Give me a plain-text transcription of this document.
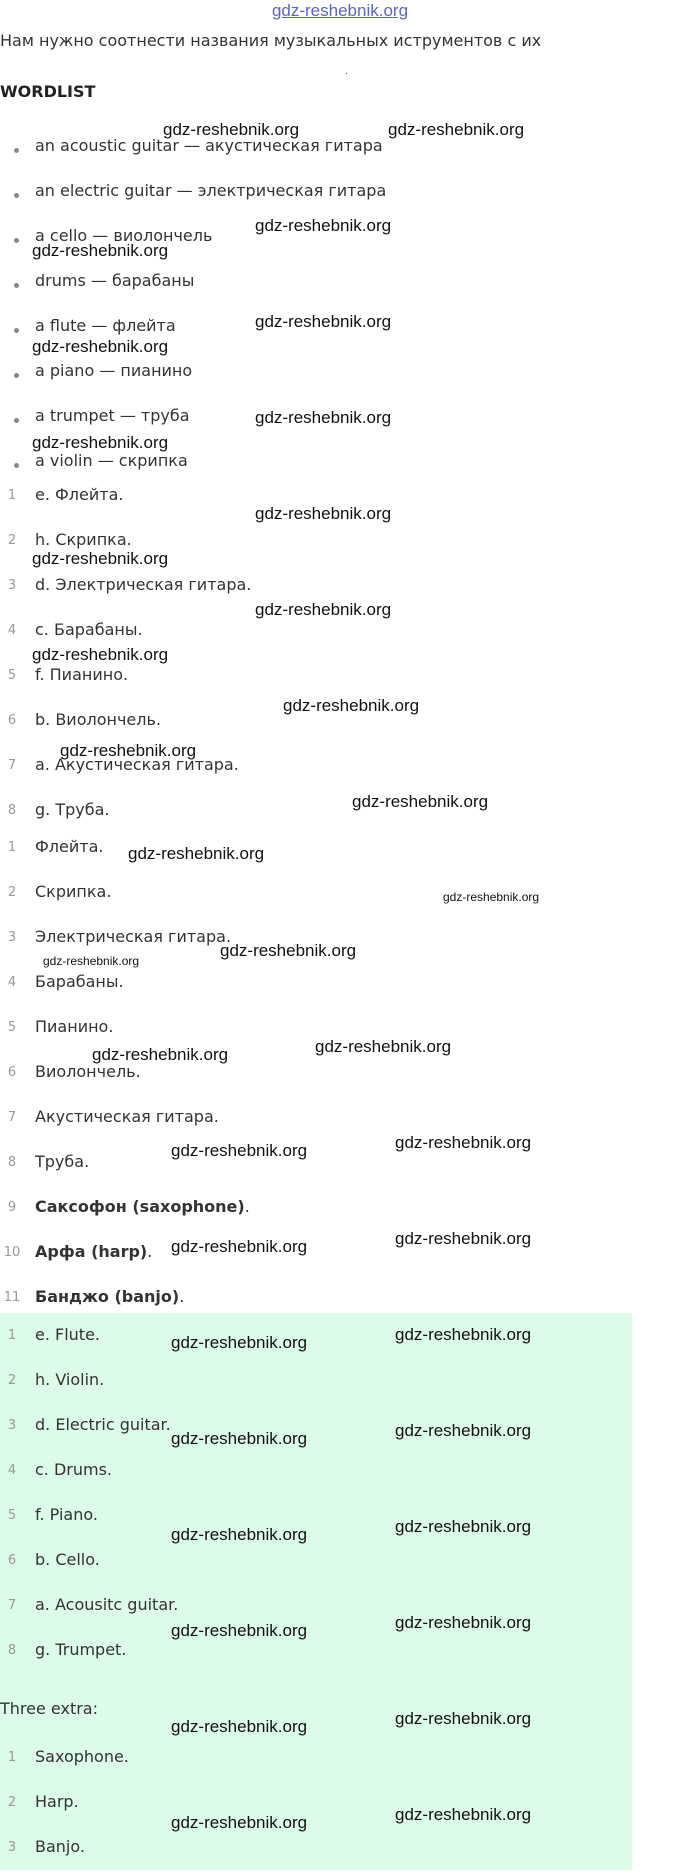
gdz-reshebnik.org
Нам нужно соотнести названия музыкальных иструментов с их
.
WORDLIST
an acoustic guitar — акустическая гитара
an electric guitar — электрическая гитара
a cello — виолончель
drums — барабаны
a flute — флейта
a piano — пианино
a trumpet — труба
a violin — скрипка
1	e. Флейта.
2	h. Скрипка.
3	d. Электрическая гитара.
4	c. Барабаны.
5	f. Пианино.
6	b. Виолончель.
7	a. Акустическая гитара.
8	g. Труба.
1	Флейта.
2	Скрипка.
3	Электрическая гитара.
4	Барабаны.
5	Пианино.
6	Виолончель.
7	Акустическая гитара.
8	Труба.
9	Саксофон (saxophone).
10 Арфа (harp).
11 Банджо (banjo).
1	e. Flute.
2	h. Violin.
3	d. Electric guitar.
4	c. Drums.
5	f. Piano.
6	b. Cello.
7	a. Acousitc guitar.
8	g. Trumpet.
Three extra:
1	Saxophone.
2	Harp.
3	Banjo.
gdz-reshebnik.org	gdz-reshebnik.org
gdz-reshebnik.org
gdz-reshebnik.org
gdz-reshebnik.org
gdz-reshebnik.org
gdz-reshebnik.org
gdz-reshebnik.org
gdz-reshebnik.org
gdz-reshebnik.org
gdz-reshebnik.org
gdz-reshebnik.org
gdz-reshebnik.org
gdz-reshebnik.org
gdz-reshebnik.org
gdz-reshebnik.org
gdz-reshebnik.org
gdz-reshebnik.org
gdz-reshebnik.org
gdz-reshebnik.org
gdz-reshebnik.org
gdz-reshebnik.org	gdz-reshebnik.org
gdz-reshebnik.org	gdz-reshebnik.org
gdz-reshebnik.org	gdz-reshebnik.org
gdz-reshebnik.org	gdz-reshebnik.org
gdz-reshebnik.org	gdz-reshebnik.org
gdz-reshebnik.org	gdz-reshebnik.org
gdz-reshebnik.org	gdz-reshebnik.org
gdz-reshebnik.org	gdz-reshebnik.org
